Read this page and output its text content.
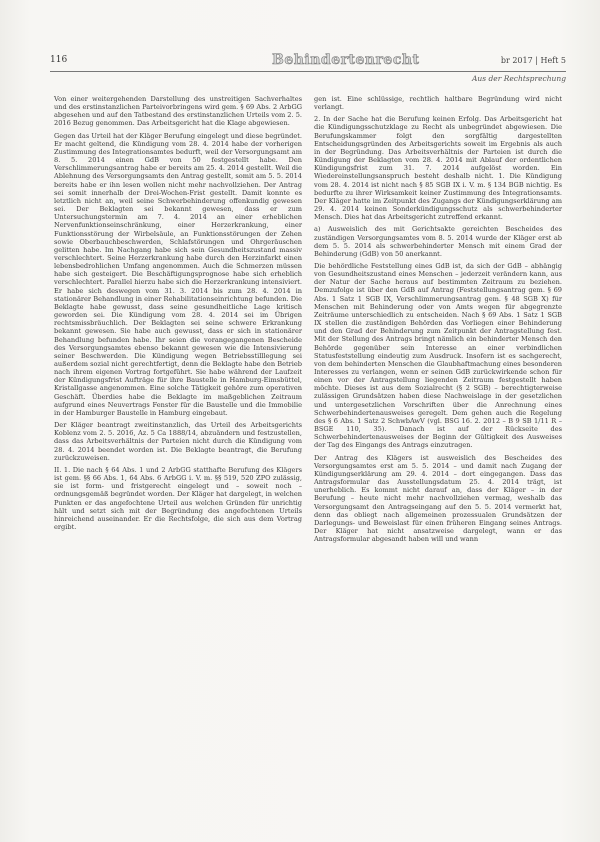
116	Behindertenrecht	br 2017 | Heft 5
Aus der Rechtsprechung

Von einer weitergehenden Darstellung des unstreitigen Sachverhaltes und des erstinstanzlichen Parteivorbringens wird gem. § 69 Abs. 2 ArbGG abgesehen und auf den Tatbestand des erstinstanzlichen Urteils vom 2. 5. 2016 Bezug genommen. Das Arbeitsgericht hat die Klage abgewiesen.

Gegen das Urteil hat der Kläger Berufung eingelegt und diese begründet. Er macht geltend, die Kündigung vom 28. 4. 2014 habe der vorherigen Zustimmung des Integrationsamtes bedurft, weil der Versorgungsamt am 8. 5. 2014 einen GdB von 50 festgestellt habe. Den Verschlimmerungsantrag habe er bereits am 25. 4. 2014 gestellt. Weil die Ablehnung des Versorgungsamts den Antrag gestellt, somit am 5. 5. 2014 bereits habe er ihn lesen wollen nicht mehr nachvollziehen. Der Antrag sei somit innerhalb der Drei-Wochen-Frist gestellt. Damit konnte es letztlich nicht an, weil seine Schwerbehinderung offenkundig gewesen sei. Der Beklagten sei bekannt gewesen, dass er zum Untersuchungstermin am 7. 4. 2014 an einer erheblichen Nervenfunktionseinschränkung, einer Herzerkrankung, einer Funktionsstörung der Wirbelsäule, an Funktionsstörungen der Zehen sowie Oberbauchbeschwerden, Schlafstörungen und Ohrgeräuschen gelitten habe. Im Nachgang habe sich sein Gesundheitszustand massiv verschlechtert. Seine Herzerkrankung habe durch den Herzinfarkt einen lebensbedrohlichen Umfang angenommen. Auch die Schmerzen müssen habe sich gesteigert. Die Beschäftigungsprognose habe sich erheblich verschlechtert. Parallel hierzu habe sich die Herzerkrankung intensiviert. Er habe sich deswegen vom 31. 3. 2014 bis zum 28. 4. 2014 in stationärer Behandlung in einer Rehabilitationseinrichtung befunden. Die Beklagte habe gewusst, dass seine gesundheitliche Lage kritisch geworden sei. Die Kündigung vom 28. 4. 2014 sei im Übrigen rechtsmissbräuchlich. Der Beklagten sei seine schwere Erkrankung bekannt gewesen. Sie habe auch gewusst, dass er sich in stationärer Behandlung befunden habe. Ihr seien die vorangegangenen Bescheide des Versorgungsamtes ebenso bekannt gewesen wie die Intensivierung seiner Beschwerden. Die Kündigung wegen Betriebsstilllegung sei außerdem sozial nicht gerechtfertigt, denn die Beklagte habe den Betrieb nach ihrem eigenen Vortrag fortgeführt. Sie habe während der Laufzeit der Kündigungsfrist Aufträge für ihre Baustelle in Hamburg-Eimsbüttel, Kristallgasse angenommen. Eine solche Tätigkeit gehöre zum operativen Geschäft. Überdies habe die Beklagte im maßgeblichen Zeitraum aufgrund eines Neuvertrags Fenster für die Baustelle und die Immobilie in der Hamburger Baustelle in Hamburg eingebaut.

Der Kläger beantragt zweitinstanzlich, das Urteil des Arbeitsgerichts Koblenz vom 2. 5. 2016, Az. 5 Ca 1888/14, abzuändern und festzustellen, dass das Arbeitsverhältnis der Parteien nicht durch die Kündigung vom 28. 4. 2014 beendet worden ist. Die Beklagte beantragt, die Berufung zurückzuweisen.

II. 1. Die nach § 64 Abs. 1 und 2 ArbGG statthafte Berufung des Klägers ist gem. §§ 66 Abs. 1, 64 Abs. 6 ArbGG i. V. m. §§ 519, 520 ZPO zulässig, sie ist form- und fristgerecht eingelegt und – soweit noch – ordnungsgemäß begründet worden. Der Kläger hat dargelegt, in welchen Punkten er das angefochtene Urteil aus welchen Gründen für unrichtig hält und setzt sich mit der Begründung des angefochtenen Urteils hinreichend auseinander. Er die Rechtsfolge, die sich aus dem Vortrag ergibt.

gen ist. Eine schlüssige, rechtlich haltbare Begründung wird nicht verlangt.

2. In der Sache hat die Berufung keinen Erfolg. Das Arbeitsgericht hat die Kündigungsschutzklage zu Recht als unbegründet abgewiesen. Die Berufungskammer folgt den sorgfältig dargestellten Entscheidungsgründen des Arbeitsgerichts soweit im Ergebnis als auch in der Begründung. Das Arbeitsverhältnis der Parteien ist durch die Kündigung der Beklagten vom 28. 4. 2014 mit Ablauf der ordentlichen Kündigungsfrist zum 31. 7. 2014 aufgelöst worden. Ein Wiedereinstellungsanspruch besteht deshalb nicht. 1. Die Kündigung vom 28. 4. 2014 ist nicht nach § 85 SGB IX i. V. m. § 134 BGB nichtig. Es bedurfte zu ihrer Wirksamkeit keiner Zustimmung des Integrationsamts. Der Kläger hatte im Zeitpunkt des Zugangs der Kündigungserklärung am 29. 4. 2014 keinen Sonderkündigungsschutz als schwerbehinderter Mensch. Dies hat das Arbeitsgericht zutreffend erkannt.

a) Ausweislich des mit Gerichtsakte gereichten Bescheides des zuständigen Versorgungsamtes vom 8. 5. 2014 wurde der Kläger erst ab dem 5. 5. 2014 als schwerbehinderter Mensch mit einem Grad der Behinderung (GdB) von 50 anerkannt.

Die behördliche Feststellung eines GdB ist, da sich der GdB – abhängig von Gesundheitszustand eines Menschen – jederzeit verändern kann, aus der Natur der Sache heraus auf bestimmten Zeitraum zu beziehen. Demzufolge ist über den GdB auf Antrag (Feststellungsantrag gem. § 69 Abs. 1 Satz 1 SGB IX, Verschlimmerungsantrag gem. § 48 SGB X) für Menschen mit Behinderung oder von Amts wegen für abgegrenzte Zeiträume unterschiedlich zu entscheiden. Nach § 69 Abs. 1 Satz 1 SGB IX stellen die zuständigen Behörden das Vorliegen einer Behinderung und den Grad der Behinderung zum Zeitpunkt der Antragstellung fest. Mit der Stellung des Antrags bringt nämlich ein behinderter Mensch den Behörde gegenüber sein Interesse an einer verbindlichen Statusfeststellung eindeutig zum Ausdruck. Insofern ist es sachgerecht, von dem behinderten Menschen die Glaubhaftmachung eines besonderen Interesses zu verlangen, wenn er seinen GdB zurückwirkende schon für einen vor der Antragstellung liegenden Zeitraum festgestellt haben möchte. Dieses ist aus dem Sozialrecht (§ 2 SGB) – berechtigterweise zulässigen Grundsätzen haben diese Nachweislage in der gesetzlichen und untergesetzlichen Vorschriften über die Anrechnung eines Schwerbehindertenausweises geregelt. Dem gehen auch die Regelung des § 6 Abs. 1 Satz 2 SchwbAwV (vgl. BSG 16. 2. 2012 – B 9 SB 1/11 R – BSGE 110, 35). Danach ist auf der Rückseite des Schwerbehindertenausweises der Beginn der Gültigkeit des Ausweises der Tag des Eingangs des Antrags einzutragen.

Der Antrag des Klägers ist ausweislich des Bescheides des Versorgungsamtes erst am 5. 5. 2014 – und damit nach Zugang der Kündigungserklärung am 29. 4. 2014 – dort eingegangen. Dass das Antragsformular das Ausstellungsdatum 25. 4. 2014 trägt, ist unerheblich. Es kommt nicht darauf an, dass der Kläger – in der Berufung – heute nicht mehr nachvollziehen vermag, weshalb das Versorgungsamt den Antragseingang auf den 5. 5. 2014 vermerkt hat, denn das obliegt nach allgemeinen prozessualen Grundsätzen der Darlegungs- und Beweislast für einen früheren Eingang seines Antrags. Der Kläger hat nicht ansatzweise dargelegt, wann er das Antragsformular abgesandt haben will und wann
